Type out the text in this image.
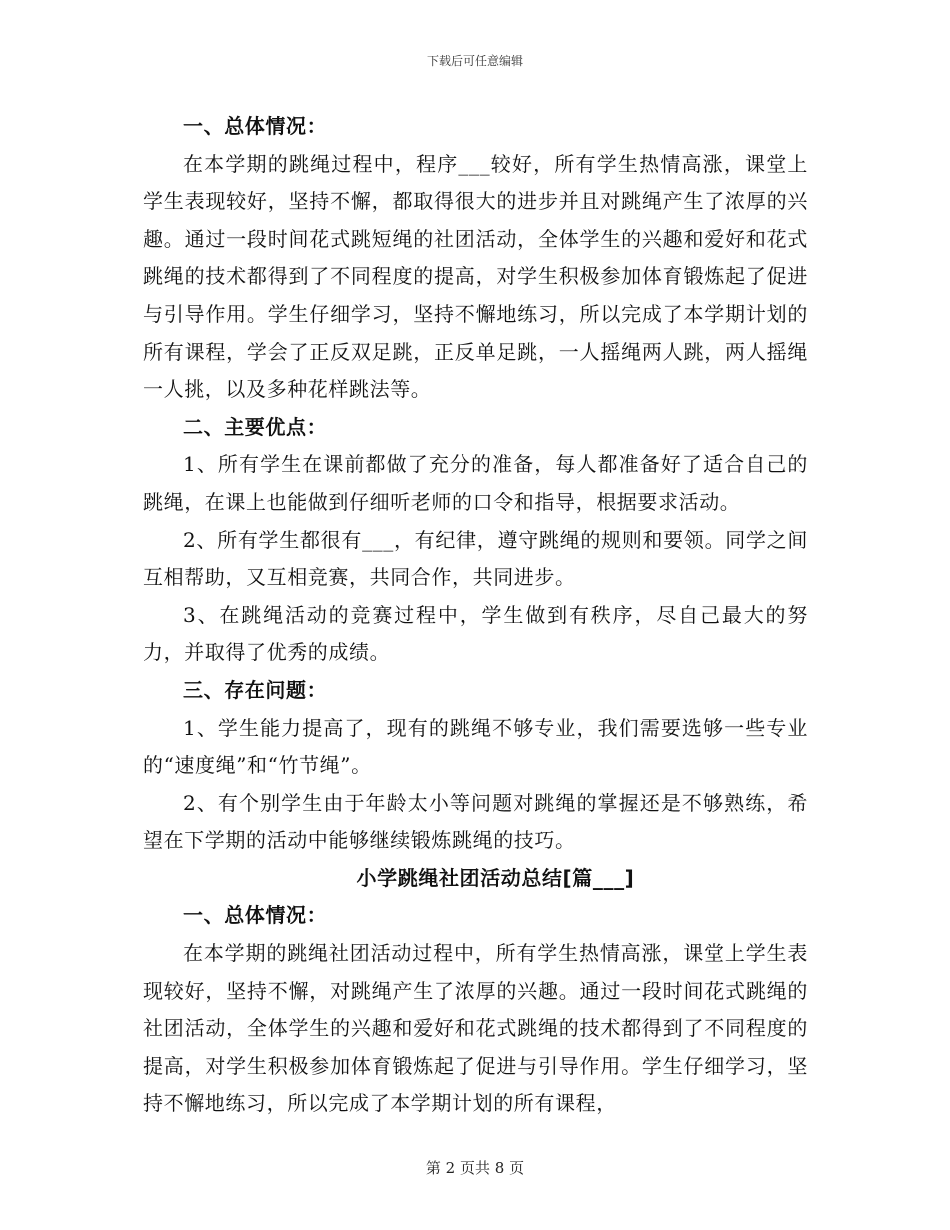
下载后可任意编辑

一、总体情况：

在本学期的跳绳过程中，程序___较好，所有学生热情高涨，课堂上学生表现较好，坚持不懈，都取得很大的进步并且对跳绳产生了浓厚的兴趣。通过一段时间花式跳短绳的社团活动，全体学生的兴趣和爱好和花式跳绳的技术都得到了不同程度的提高，对学生积极参加体育锻炼起了促进与引导作用。学生仔细学习，坚持不懈地练习，所以完成了本学期计划的所有课程，学会了正反双足跳，正反单足跳，一人摇绳两人跳，两人摇绳一人挑，以及多种花样跳法等。

二、主要优点：

1、所有学生在课前都做了充分的准备，每人都准备好了适合自己的跳绳，在课上也能做到仔细听老师的口令和指导，根据要求活动。

2、所有学生都很有___，有纪律，遵守跳绳的规则和要领。同学之间互相帮助，又互相竞赛，共同合作，共同进步。

3、在跳绳活动的竞赛过程中，学生做到有秩序，尽自己最大的努力，并取得了优秀的成绩。

三、存在问题：

1、学生能力提高了，现有的跳绳不够专业，我们需要选够一些专业的“速度绳”和“竹节绳”。

2、有个别学生由于年龄太小等问题对跳绳的掌握还是不够熟练，希望在下学期的活动中能够继续锻炼跳绳的技巧。

小学跳绳社团活动总结[篇___]

一、总体情况：

在本学期的跳绳社团活动过程中，所有学生热情高涨，课堂上学生表现较好，坚持不懈，对跳绳产生了浓厚的兴趣。通过一段时间花式跳绳的社团活动，全体学生的兴趣和爱好和花式跳绳的技术都得到了不同程度的提高，对学生积极参加体育锻炼起了促进与引导作用。学生仔细学习，坚持不懈地练习，所以完成了本学期计划的所有课程，

第 2 页共 8 页
